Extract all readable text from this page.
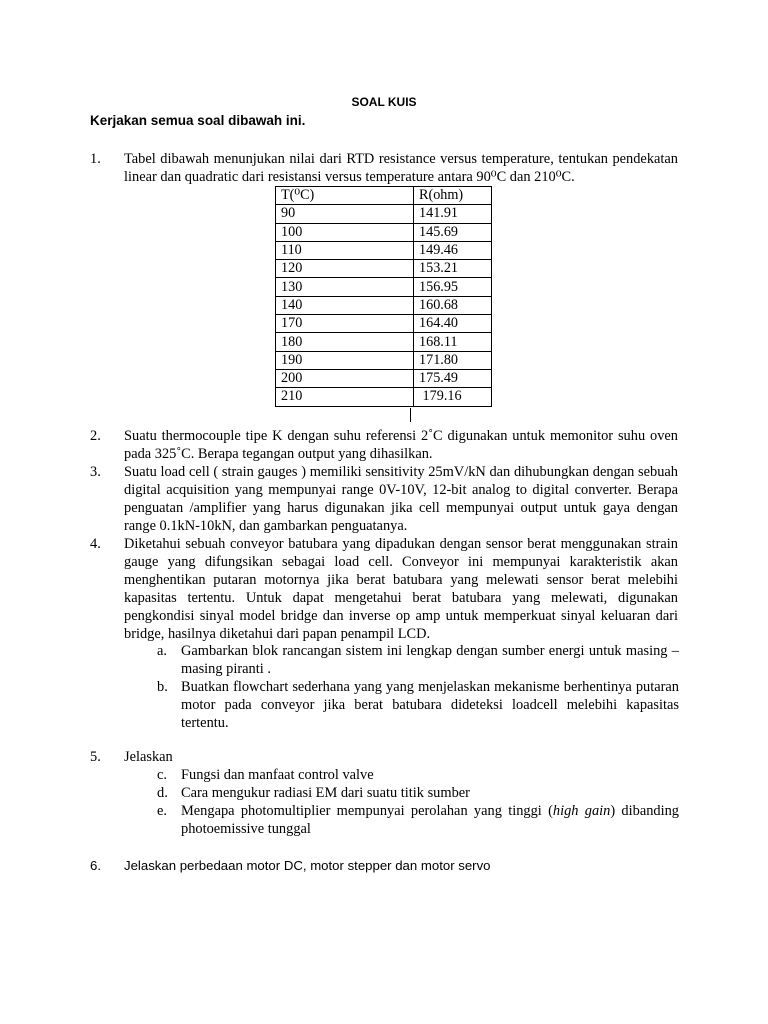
SOAL KUIS
Kerjakan semua soal dibawah ini.
1.	Tabel dibawah menunjukan nilai dari RTD resistance versus temperature, tentukan pendekatan linear dan quadratic dari resistansi versus temperature antara 90⁰C dan 210⁰C.
T(⁰C)	R(ohm)
90	141.91
100	145.69
110	149.46
120	153.21
130	156.95
140	160.68
170	164.40
180	168.11
190	171.80
200	175.49
210	179.16
2.	Suatu thermocouple tipe K dengan suhu referensi 2˚C digunakan untuk memonitor suhu oven pada 325˚C. Berapa tegangan output yang dihasilkan.
3.	Suatu load cell ( strain gauges ) memiliki sensitivity 25mV/kN dan dihubungkan dengan sebuah digital acquisition yang mempunyai range 0V-10V, 12-bit analog to digital converter. Berapa penguatan /amplifier yang harus digunakan jika cell mempunyai output untuk gaya dengan range 0.1kN-10kN, dan gambarkan penguatanya.
4.	Diketahui sebuah conveyor batubara yang dipadukan dengan sensor berat menggunakan strain gauge yang difungsikan sebagai load cell. Conveyor ini mempunyai karakteristik akan menghentikan putaran motornya jika berat batubara yang melewati sensor berat melebihi kapasitas tertentu. Untuk dapat mengetahui berat batubara yang melewati, digunakan pengkondisi sinyal model bridge dan inverse op amp untuk memperkuat sinyal keluaran dari bridge, hasilnya diketahui dari papan penampil LCD.
a. Gambarkan blok rancangan sistem ini lengkap dengan sumber energi untuk masing – masing piranti .
b. Buatkan flowchart sederhana yang yang menjelaskan mekanisme berhentinya putaran motor pada conveyor jika berat batubara dideteksi loadcell melebihi kapasitas tertentu.
5.	Jelaskan
c. Fungsi dan manfaat control valve
d. Cara mengukur radiasi EM dari suatu titik sumber
e. Mengapa photomultiplier mempunyai perolahan yang tinggi (high gain) dibanding photoemissive tunggal
6.	Jelaskan perbedaan motor DC, motor stepper dan motor servo
